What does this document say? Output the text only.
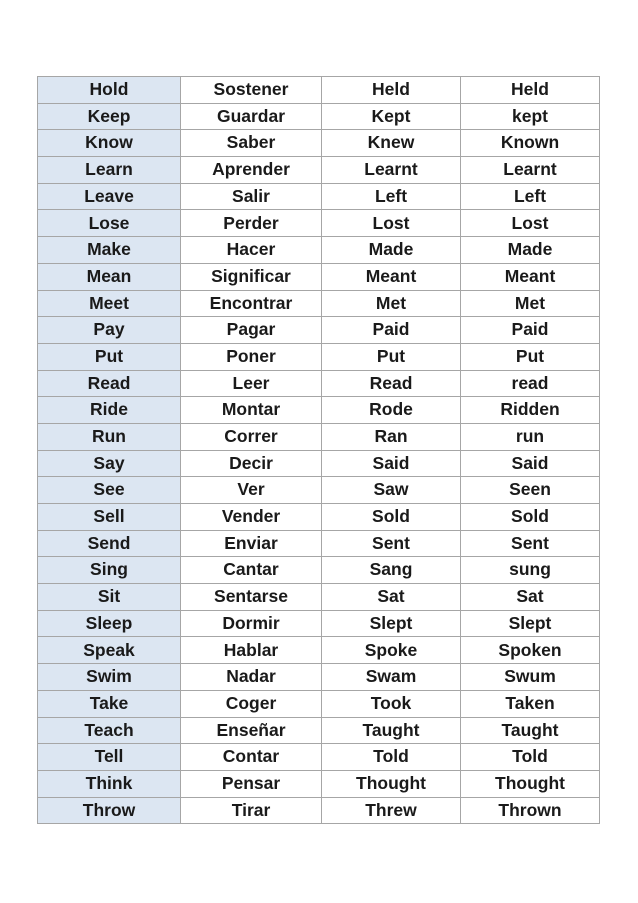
Hold	Sostener	Held	Held
Keep	Guardar	Kept	kept
Know	Saber	Knew	Known
Learn	Aprender	Learnt	Learnt
Leave	Salir	Left	Left
Lose	Perder	Lost	Lost
Make	Hacer	Made	Made
Mean	Significar	Meant	Meant
Meet	Encontrar	Met	Met
Pay	Pagar	Paid	Paid
Put	Poner	Put	Put
Read	Leer	Read	read
Ride	Montar	Rode	Ridden
Run	Correr	Ran	run
Say	Decir	Said	Said
See	Ver	Saw	Seen
Sell	Vender	Sold	Sold
Send	Enviar	Sent	Sent
Sing	Cantar	Sang	sung
Sit	Sentarse	Sat	Sat
Sleep	Dormir	Slept	Slept
Speak	Hablar	Spoke	Spoken
Swim	Nadar	Swam	Swum
Take	Coger	Took	Taken
Teach	Enseñar	Taught	Taught
Tell	Contar	Told	Told
Think	Pensar	Thought	Thought
Throw	Tirar	Threw	Thrown
